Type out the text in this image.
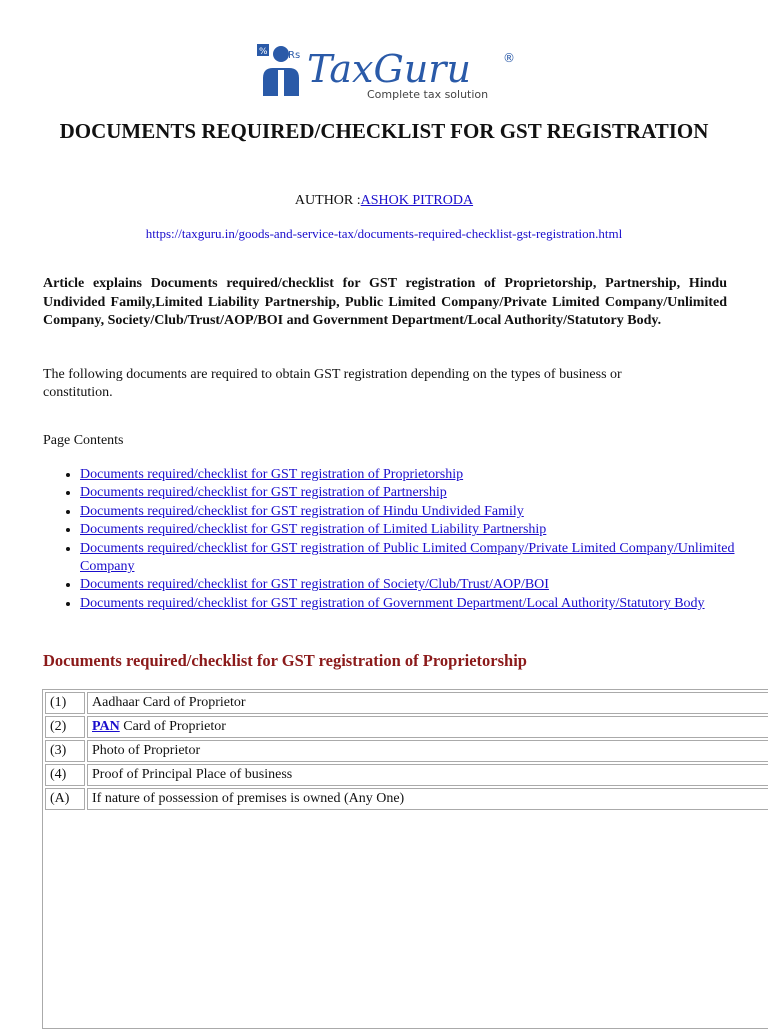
% Rs TaxGuru	®
Complete tax solution
DOCUMENTS REQUIRED/CHECKLIST FOR GST REGISTRATION
AUTHOR :ASHOK PITRODA
https://taxguru.in/goods-and-service-tax/documents-required-checklist-gst-registration.html

Article explains Documents required/checklist for GST registration of Proprietorship, Partnership, Hindu Undivided Family,Limited Liability Partnership, Public Limited Company/Private Limited Company/Unlimited Company, Society/Club/Trust/AOP/BOI and Government Department/Local Authority/Statutory Body.

The following documents are required to obtain GST registration depending on the types of business or constitution.

Page Contents

• Documents required/checklist for GST registration of Proprietorship
• Documents required/checklist for GST registration of Partnership
• Documents required/checklist for GST registration of Hindu Undivided Family
• Documents required/checklist for GST registration of Limited Liability Partnership
• Documents required/checklist for GST registration of Public Limited Company/Private Limited Company/Unlimited Company
• Documents required/checklist for GST registration of Society/Club/Trust/AOP/BOI
• Documents required/checklist for GST registration of Government Department/Local Authority/Statutory Body
Documents required/checklist for GST registration of Proprietorship
(1)	Aadhaar Card of Proprietor
(2)	PAN Card of Proprietor
(3)	Photo of Proprietor
(4)	Proof of Principal Place of business
(A)	If nature of possession of premises is owned (Any One)
